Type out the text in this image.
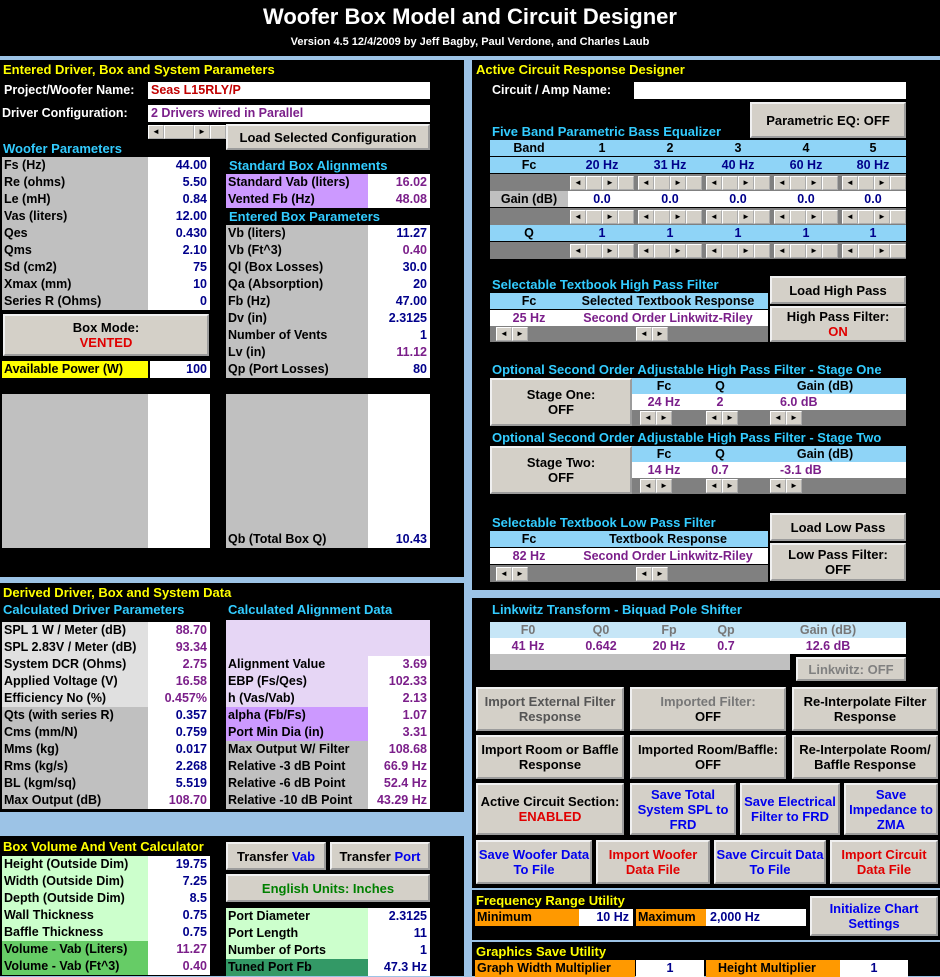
Woofer Box Model and Circuit Designer
Version 4.5 12/4/2009 by Jeff Bagby, Paul Verdone, and Charles Laub
Entered Driver, Box and System Parameters
Project/Woofer Name:	Seas L15RLY/P
Driver Configuration:	2 Drivers wired in Parallel
◄	►	Load Selected Configuration
Woofer Parameters
Fs (Hz)	44.00
Re (ohms)	5.50
Le (mH)	0.84
Vas (liters)	12.00
Qes	0.430
Qms	2.10
Sd (cm2)	75
Xmax (mm)	10
Series R (Ohms)	0
Standard Box Alignments
Standard Vab (liters)	16.02
Vented Fb (Hz)	48.08
Entered Box Parameters
Vb (liters)	11.27
Vb (Ft^3)	0.40
Ql (Box Losses)	30.0
Qa (Absorption)	20
Fb (Hz)	47.00
Dv (in)	2.3125
Number of Vents	1
Lv (in)	11.12
Qp (Port Losses)	80
Box Mode:
VENTED
Available Power (W)	100
Qb (Total Box Q)	10.43
Derived Driver, Box and System Data
Calculated Driver Parameters	Calculated Alignment Data
SPL 1 W / Meter (dB)	88.70
SPL 2.83V / Meter (dB)	93.34
System DCR (Ohms)	2.75
Applied Voltage (V)	16.58
Efficiency No (%)	0.457%
Qts (with series R)	0.357
Cms (mm/N)	0.759
Mms (kg)	0.017
Rms (kg/s)	2.268
BL (kgm/sq)	5.519
Max Output (dB)	108.70
Alignment Value	3.69
EBP (Fs/Qes)	102.33
h (Vas/Vab)	2.13
alpha (Fb/Fs)	1.07
Port Min Dia (in)	3.31
Max Output W/ Filter	108.68
Relative -3 dB Point	66.9 Hz
Relative -6 dB Point	52.4 Hz
Relative -10 dB Point	43.29 Hz
Box Volume And Vent Calculator
Height (Outside Dim)	19.75
Width (Outside Dim)	7.25
Depth (Outside Dim)	8.5
Wall Thickness	0.75
Baffle Thickness	0.75
Volume - Vab (Liters)	11.27
Volume - Vab (Ft^3)	0.40
Transfer
Vab Transfer
Port
English Units: Inches
Port Diameter	2.3125
Port Length	11
Number of Ports	1
Tuned Port Fb	47.3 Hz
Active Circuit Response Designer
Circuit / Amp Name:
Parametric EQ: OFF
Five Band Parametric Bass Equalizer
Band	1	2	3	4	5
Fc	20 Hz	31 Hz	40 Hz	60 Hz	80 Hz
◄	►	◄	►	◄	►	◄	►	◄	►
Gain (dB)	0.0	0.0	0.0	0.0	0.0
◄	►	◄	►	◄	►	◄	►	◄	►
Q	1	1	1	1	1
◄	►	◄	►	◄	►	◄	►	◄	►
Selectable Textbook High Pass Filter
Fc	Selected Textbook Response
25 Hz	Second Order Linkwitz-Riley
◄	►	◄	►
Load High Pass
High Pass Filter:
ON
Optional Second Order Adjustable High Pass Filter - Stage One
Stage One:
OFF
Fc	Q	Gain (dB)
24 Hz	2	6.0 dB
◄	►	◄	►	◄	►
Optional Second Order Adjustable High Pass Filter - Stage Two
Stage Two:
OFF
Fc	Q	Gain (dB)
14 Hz	0.7	-3.1 dB
◄	►	◄	►	◄	►
Selectable Textbook Low Pass Filter
Fc	Textbook Response
82 Hz	Second Order Linkwitz-Riley
◄	►	◄	►
Load Low Pass
Low Pass Filter:
OFF
Linkwitz Transform - Biquad Pole Shifter
F0	Q0	Fp	Qp	Gain (dB)
41 Hz	0.642	20 Hz	0.7	12.6 dB
Linkwitz: OFF
Import External Filter Response
Imported Filter:
OFF
Re-Interpolate Filter Response
Import Room or Baffle Response
Imported Room/Baffle:
OFF
Re-Interpolate Room/ Baffle Response
Active Circuit Section:
ENABLED
Save Total System SPL to FRD
Save Electrical Filter to FRD
Save Impedance to ZMA
Save Woofer Data To File
Import Woofer Data File
Save Circuit Data To File
Import Circuit Data File
Frequency Range Utility
Minimum	10 Hz Maximum	2,000 Hz
Initialize Chart Settings
Graphics Save Utility
Graph Width Multiplier	1	Height Multiplier	1
